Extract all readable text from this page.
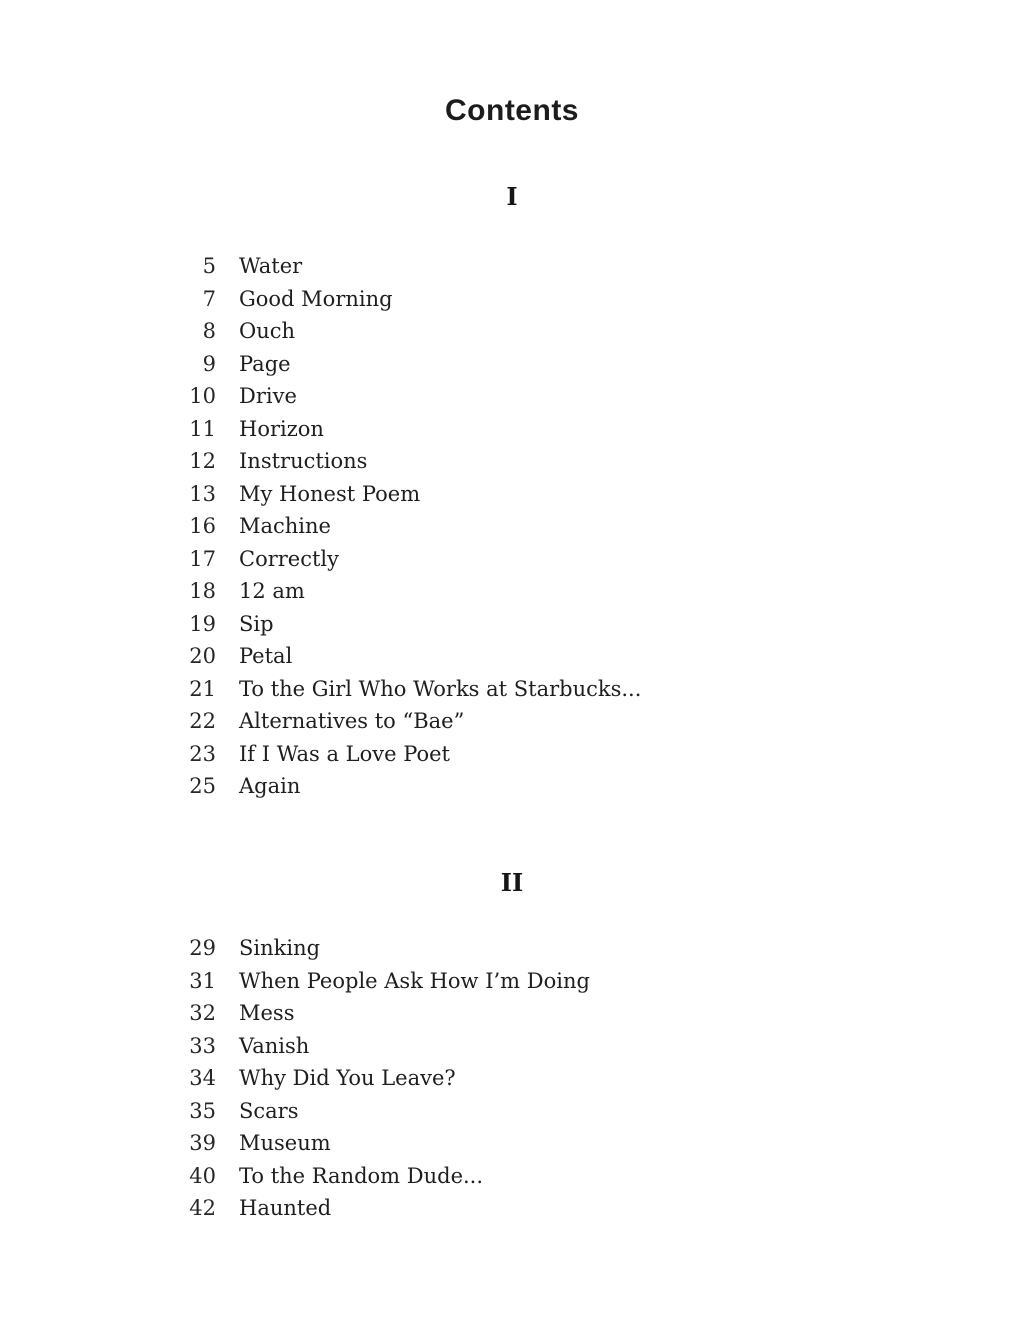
Contents
I
5 Water
7 Good Morning
8 Ouch
9 Page
10 Drive
11 Horizon
12 Instructions
13 My Honest Poem
16 Machine
17 Correctly
18 12 am
19 Sip
20 Petal
21 To the Girl Who Works at Starbucks...
22 Alternatives to “Bae”
23 If I Was a Love Poet
25 Again
II
29 Sinking
31 When People Ask How I’m Doing
32 Mess
33 Vanish
34 Why Did You Leave?
35 Scars
39 Museum
40 To the Random Dude...
42 Haunted
